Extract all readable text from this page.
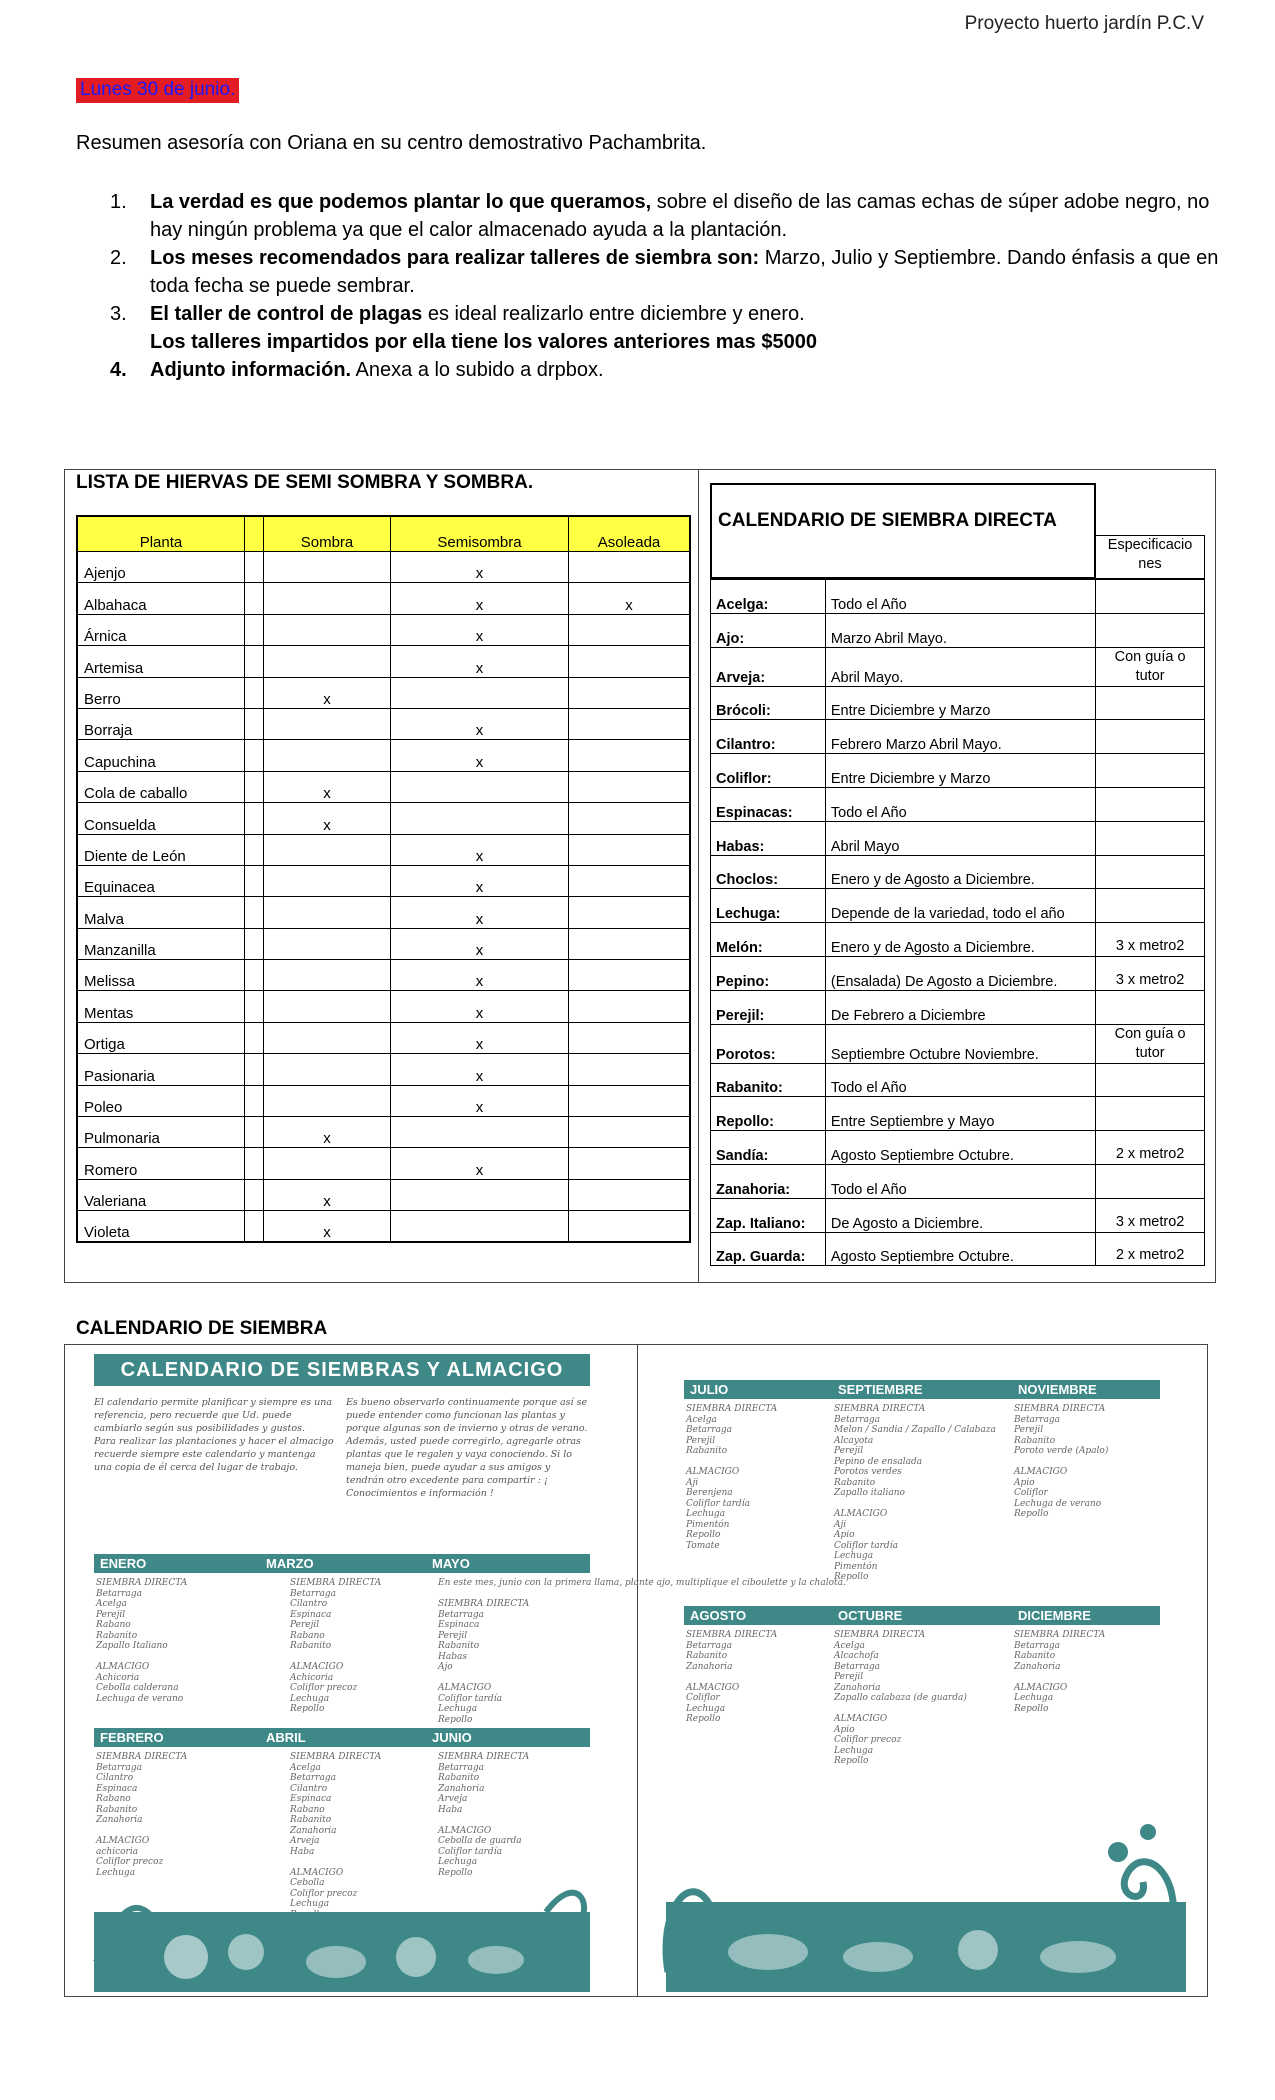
Proyecto huerto jardín P.C.V
Lunes 30 de junio.
Resumen asesoría con Oriana en su centro demostrativo Pachambrita.
1.	La verdad es que podemos plantar lo que queramos, sobre el diseño de las camas echas de súper adobe negro, no hay ningún problema ya que el calor almacenado ayuda a la plantación.
2.	Los meses recomendados para realizar talleres de siembra son: Marzo, Julio y Septiembre. Dando énfasis a que en toda fecha se puede sembrar.
3.	El taller de control de plagas es ideal realizarlo entre diciembre y enero.
Los talleres impartidos por ella tiene los valores anteriores mas $5000
4.	Adjunto información. Anexa a lo subido a drpbox.
LISTA DE HIERVAS DE SEMI SOMBRA Y SOMBRA.
Planta		Sombra	Semisombra	Asoleada
Ajenjo			x	
Albahaca			x	x
Árnica			x	
Artemisa			x	
Berro		x		
Borraja			x	
Capuchina			x	
Cola de caballo		x		
Consuelda		x		
Diente de León			x	
Equinacea			x	
Malva			x	
Manzanilla			x	
Melissa			x	
Mentas			x	
Ortiga			x	
Pasionaria			x	
Poleo			x	
Pulmonaria		x		
Romero			x	
Valeriana		x		
Violeta		x		
CALENDARIO DE SIEMBRA DIRECTA
Especificaciones
Acelga:	Todo el Año	
Ajo:	Marzo Abril Mayo.	
Arveja:	Abril Mayo.	Con guía o tutor
Brócoli:	Entre Diciembre y Marzo	
Cilantro:	Febrero Marzo Abril Mayo.	
Coliflor:	Entre Diciembre y Marzo	
Espinacas:	Todo el Año	
Habas:	Abril Mayo	
Choclos:	Enero y de Agosto a Diciembre.	
Lechuga:	Depende de la variedad, todo el año	
Melón:	Enero y de Agosto a Diciembre.	3 x metro2
Pepino:	(Ensalada) De Agosto a Diciembre.	3 x metro2
Perejil:	De Febrero a Diciembre	
Porotos:	Septiembre Octubre Noviembre.	Con guía o tutor
Rabanito:	Todo el Año	
Repollo:	Entre Septiembre y Mayo	
Sandía:	Agosto Septiembre Octubre.	2 x metro2
Zanahoria:	Todo el Año	
Zap. Italiano:	De Agosto a Diciembre.	3 x metro2
Zap. Guarda:	Agosto Septiembre Octubre.	2 x metro2
CALENDARIO DE SIEMBRA
CALENDARIO DE SIEMBRAS Y ALMACIGO
El calendario permite planificar y siempre es una referencia, pero recuerde que Ud. puede cambiarlo según sus posibilidades y gustos.
Para realizar las plantaciones y hacer el almacigo recuerde siempre este calendario y mantenga una copia de él cerca del lugar de trabajo.
Es bueno observarlo continuamente porque así se puede entender como funcionan las plantas y porque algunas son de invierno y otras de verano. Además, usted puede corregirlo, agregarle otras plantas que le regalen y vaya conociendo. Si lo maneja bien, puede ayudar a sus amigos y tendrán otro excedente para compartir : ¡ Conocimientos e información !
ENERO
SIEMBRA DIRECTA
Betarraga
Acelga
Perejil
Rabano
Rabanito
Zapallo Italiano

ALMACIGO
Achicoria
Cebolla calderana
Lechuga de verano
MARZO
SIEMBRA DIRECTA
Betarraga
Cilantro
Espinaca
Perejil
Rabano
Rabanito

ALMACIGO
Achicoria
Coliflor precoz
Lechuga
Repollo
MAYO
En este mes, junio con la primera llama, plante ajo, multiplique el ciboulette y la chalota.

SIEMBRA DIRECTA
Betarraga
Espinaca
Perejil
Rabanito
Habas
Ajo

ALMACIGO
Coliflor tardía
Lechuga
Repollo
FEBRERO
SIEMBRA DIRECTA
Betarraga
Cilantro
Espinaca
Rabano
Rabanito
Zanahoria

ALMACIGO
achicoria
Coliflor precoz
Lechuga
ABRIL
SIEMBRA DIRECTA
Acelga
Betarraga
Cilantro
Espinaca
Rabano
Rabanito
Zanahoria
Arveja
Haba

ALMACIGO
Cebolla
Coliflor precoz
Lechuga

JUNIO
SIEMBRA DIRECTA
Betarraga
Rabanito
Zanahoria
Arveja
Haba

ALMACIGO
Cebolla de guarda
Coliflor tardía
Lechuga
Repollo
JULIO
SIEMBRA DIRECTA
Acelga
Betarraga
Perejil
Rabanito

ALMACIGO
Aji
Berenjena
Coliflor tardía
Lechuga
Pimentón
Repollo
Tomate
SEPTIEMBRE
SIEMBRA DIRECTA
Betarraga
Melon / Sandia / Zapallo / Calabaza
Alcayota
Perejil
Pepino de ensalada
Porotos verdes
Rabanito
Zapallo italiano

ALMACIGO
Aji
Apio
Coliflor tardía
Lechuga
Pimentón
Repollo
NOVIEMBRE
SIEMBRA DIRECTA
Betarraga
Perejil
Rabanito
Poroto verde (Apalo)

ALMACIGO
Apio
Coliflor
Lechuga de verano
Repollo
AGOSTO
SIEMBRA DIRECTA
Betarraga
Rabanito
Zanahoria

ALMACIGO
Coliflor
Lechuga
Repollo
OCTUBRE
SIEMBRA DIRECTA
Acelga
Alcachofa
Betarraga
Perejil
Zanahoria
Zapallo calabaza (de guarda)

ALMACIGO
Apio
Coliflor precoz
Lechuga
Repollo
DICIEMBRE
SIEMBRA DIRECTA
Betarraga
Rabanito
Zanahoria

ALMACIGO
Lechuga
Repollo
